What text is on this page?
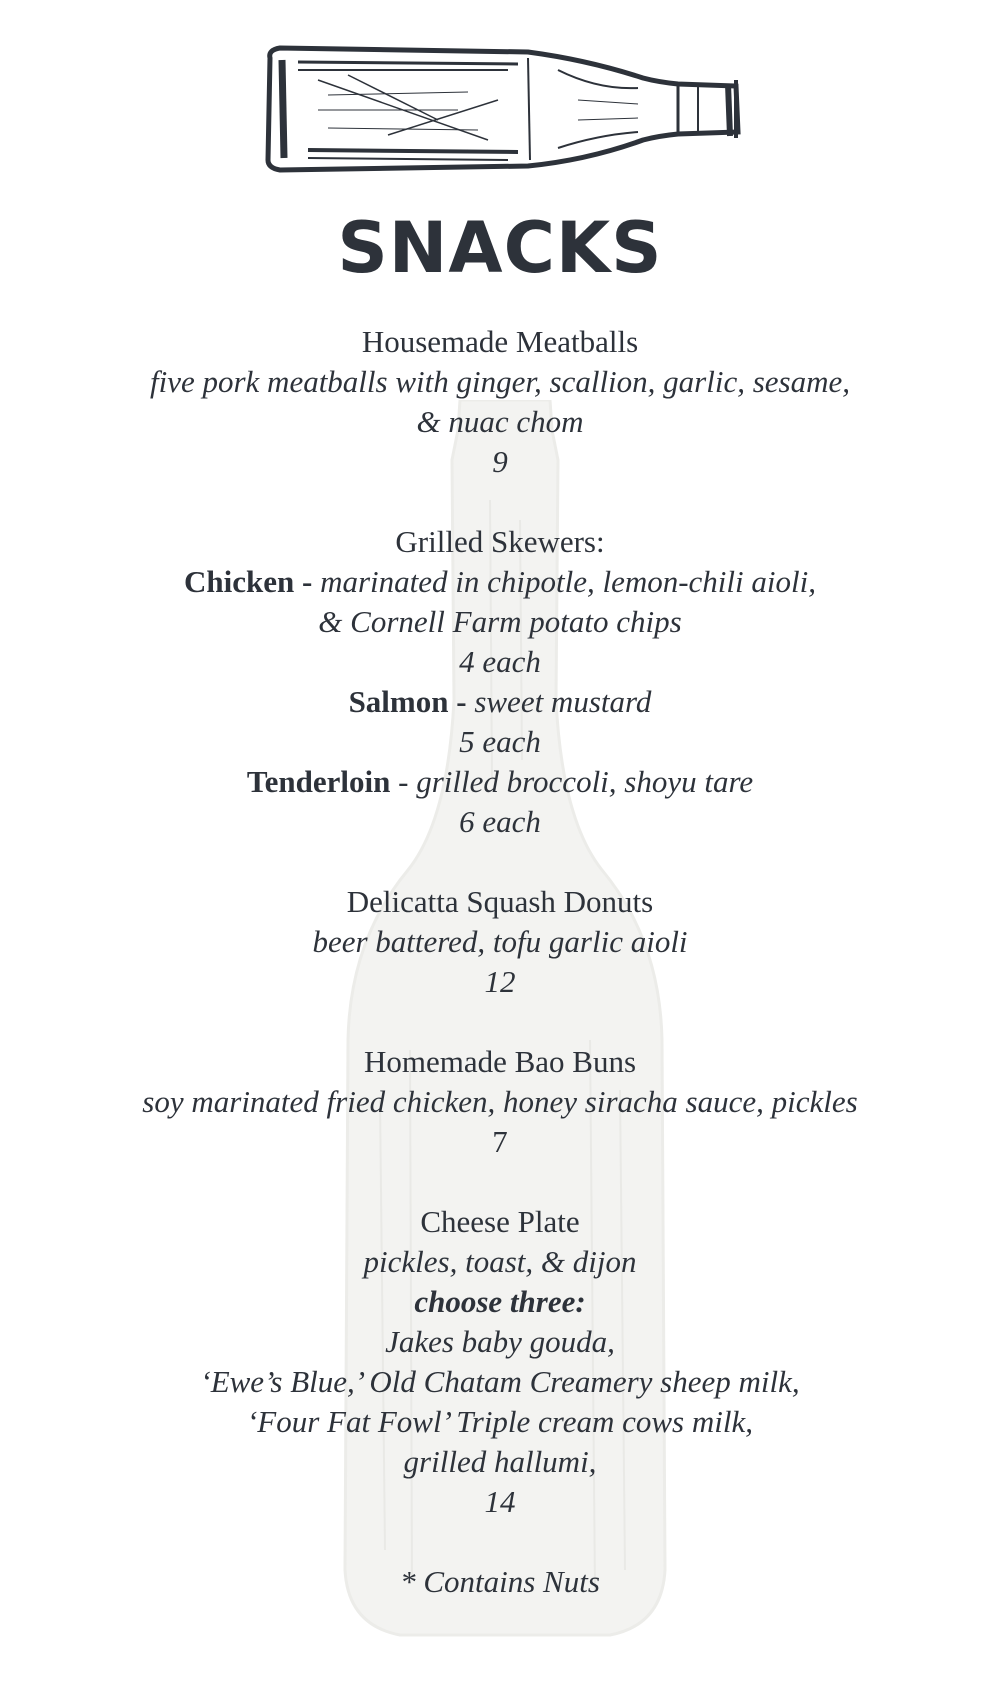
SNACKS
Housemade Meatballs
five pork meatballs with ginger, scallion, garlic, sesame,
& nuac chom
9
Grilled Skewers:
Chicken - marinated in chipotle, lemon-chili aioli,
& Cornell Farm potato chips
4 each
Salmon - sweet mustard
5 each
Tenderloin - grilled broccoli, shoyu tare
6 each
Delicatta Squash Donuts
beer battered, tofu garlic aioli
12
Homemade Bao Buns
soy marinated fried chicken, honey siracha sauce, pickles
7
Cheese Plate
pickles, toast, & dijon
choose three:
Jakes baby gouda,
‘Ewe’s Blue,’ Old Chatam Creamery sheep milk,
‘Four Fat Fowl’ Triple cream cows milk,
grilled hallumi,
14
* Contains Nuts
